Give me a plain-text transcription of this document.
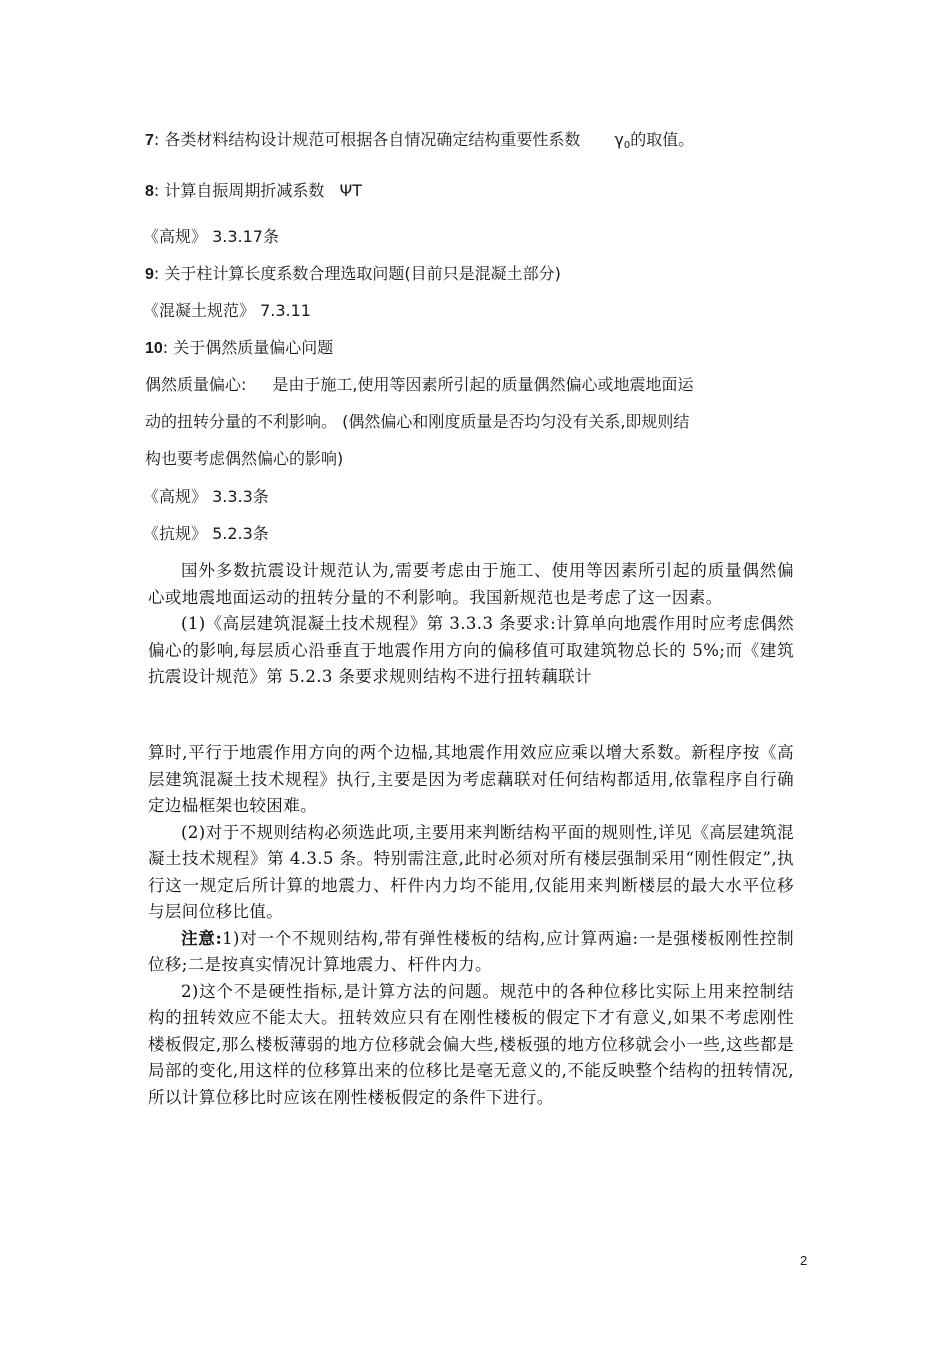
7: 各类材料结构设计规范可根据各自情况确定结构重要性系数 $\gamma_0$的取值。
8: 计算自振周期折减系数 ΨT
《高规》 3.3.17条
9: 关于柱计算长度系数合理选取问题(目前只是混凝土部分)
《混凝土规范》 7.3.11
10: 关于偶然质量偏心问题
偶然质量偏心: 是由于施工,使用等因素所引起的质量偶然偏心或地震地面运
动的扭转分量的不利影响。 (偶然偏心和刚度质量是否均匀没有关系,即规则结
构也要考虑偶然偏心的影响)
《高规》 3.3.3条
《抗规》 5.2.3条

国外多数抗震设计规范认为,需要考虑由于施工、使用等因素所引起的质量偶然偏心或地震地面运动的扭转分量的不利影响。我国新规范也是考虑了这一因素。

(1)《高层建筑混凝土技术规程》第 3.3.3 条要求:计算单向地震作用时应考虑偶然偏心的影响,每层质心沿垂直于地震作用方向的偏移值可取建筑物总长的 5%;而《建筑抗震设计规范》第 5.2.3 条要求规则结构不进行扭转藕联计

算时,平行于地震作用方向的两个边榀,其地震作用效应应乘以增大系数。新程序按《高层建筑混凝土技术规程》执行,主要是因为考虑藕联对任何结构都适用,依靠程序自行确定边榀框架也较困难。

(2)对于不规则结构必须选此项,主要用来判断结构平面的规则性,详见《高层建筑混凝土技术规程》第 4.3.5 条。特别需注意,此时必须对所有楼层强制采用“刚性假定”,执行这一规定后所计算的地震力、杆件内力均不能用,仅能用来判断楼层的最大水平位移与层间位移比值。

注意:1)对一个不规则结构,带有弹性楼板的结构,应计算两遍:一是强楼板刚性控制位移;二是按真实情况计算地震力、杆件内力。

2)这个不是硬性指标,是计算方法的问题。规范中的各种位移比实际上用来控制结构的扭转效应不能太大。扭转效应只有在刚性楼板的假定下才有意义,如果不考虑刚性楼板假定,那么楼板薄弱的地方位移就会偏大些,楼板强的地方位移就会小一些,这些都是局部的变化,用这样的位移算出来的位移比是毫无意义的,不能反映整个结构的扭转情况,所以计算位移比时应该在刚性楼板假定的条件下进行。

2
